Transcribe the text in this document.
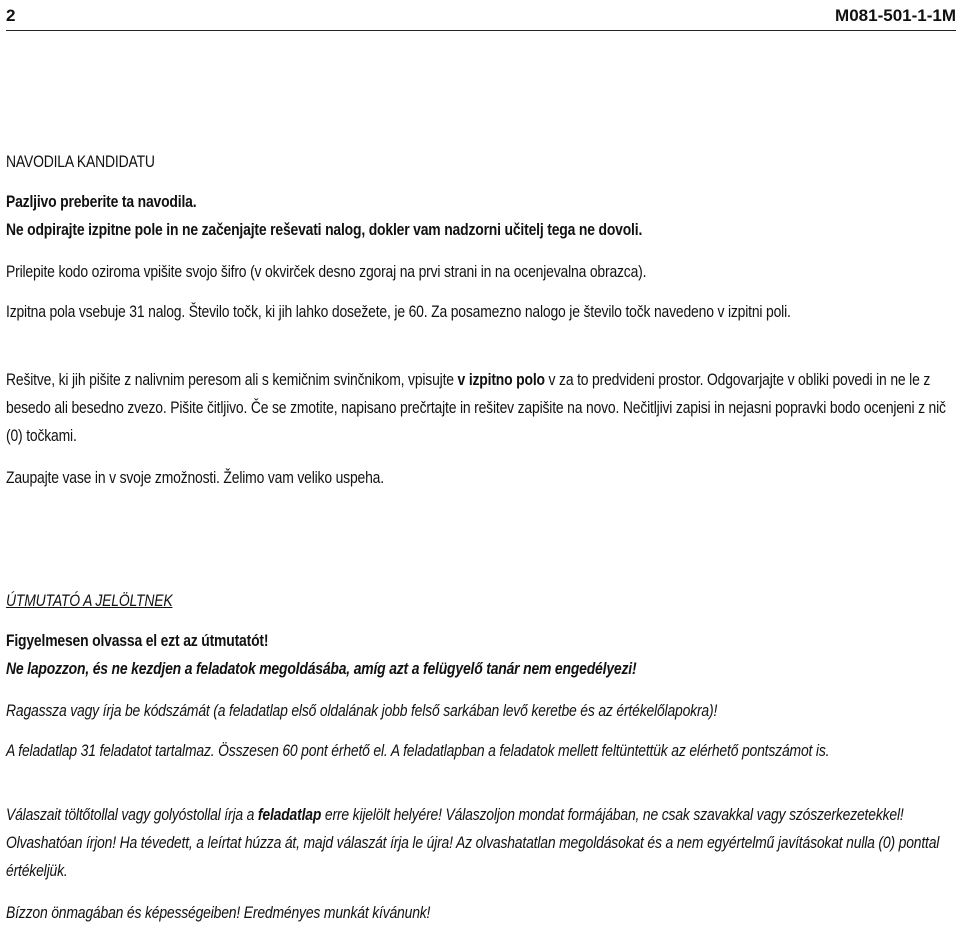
2	M081-501-1-1M
NAVODILA KANDIDATU
Pazljivo preberite ta navodila.
Ne odpirajte izpitne pole in ne začenjajte reševati nalog, dokler vam nadzorni učitelj tega ne dovoli.
Prilepite kodo oziroma vpišite svojo šifro (v okvirček desno zgoraj na prvi strani in na ocenjevalna obrazca).

Izpitna pola vsebuje 31 nalog. Število točk, ki jih lahko dosežete, je 60. Za posamezno nalogo je število točk navedeno v izpitni poli.

Rešitve, ki jih pišite z nalivnim peresom ali s kemičnim svinčnikom, vpisujte v izpitno polo v za to predvideni prostor. Odgovarjajte v obliki povedi in ne le z besedo ali besedno zvezo. Pišite čitljivo. Če se zmotite, napisano prečrtajte in rešitev zapišite na novo. Nečitljivi zapisi in nejasni popravki bodo ocenjeni z nič (0) točkami.

Zaupajte vase in v svoje zmožnosti. Želimo vam veliko uspeha.
ÚTMUTATÓ A JELÖLTNEK
Figyelmesen olvassa el ezt az útmutatót!
Ne lapozzon, és ne kezdjen a feladatok megoldásába, amíg azt a felügyelő tanár nem engedélyezi!
Ragassza vagy írja be kódszámát (a feladatlap első oldalának jobb felső sarkában levő keretbe és az értékelőlapokra)!

A feladatlap 31 feladatot tartalmaz. Összesen 60 pont érhető el. A feladatlapban a feladatok mellett feltüntettük az elérhető pontszámot is.

Válaszait töltőtollal vagy golyóstollal írja a feladatlap erre kijelölt helyére! Válaszoljon mondat formájában, ne csak szavakkal vagy szószerkezetekkel! Olvashatóan írjon! Ha tévedett, a leírtat húzza át, majd válaszát írja le újra! Az olvashatatlan megoldásokat és a nem egyértelmű javításokat nulla (0) ponttal értékeljük.

Bízzon önmagában és képességeiben! Eredményes munkát kívánunk!
